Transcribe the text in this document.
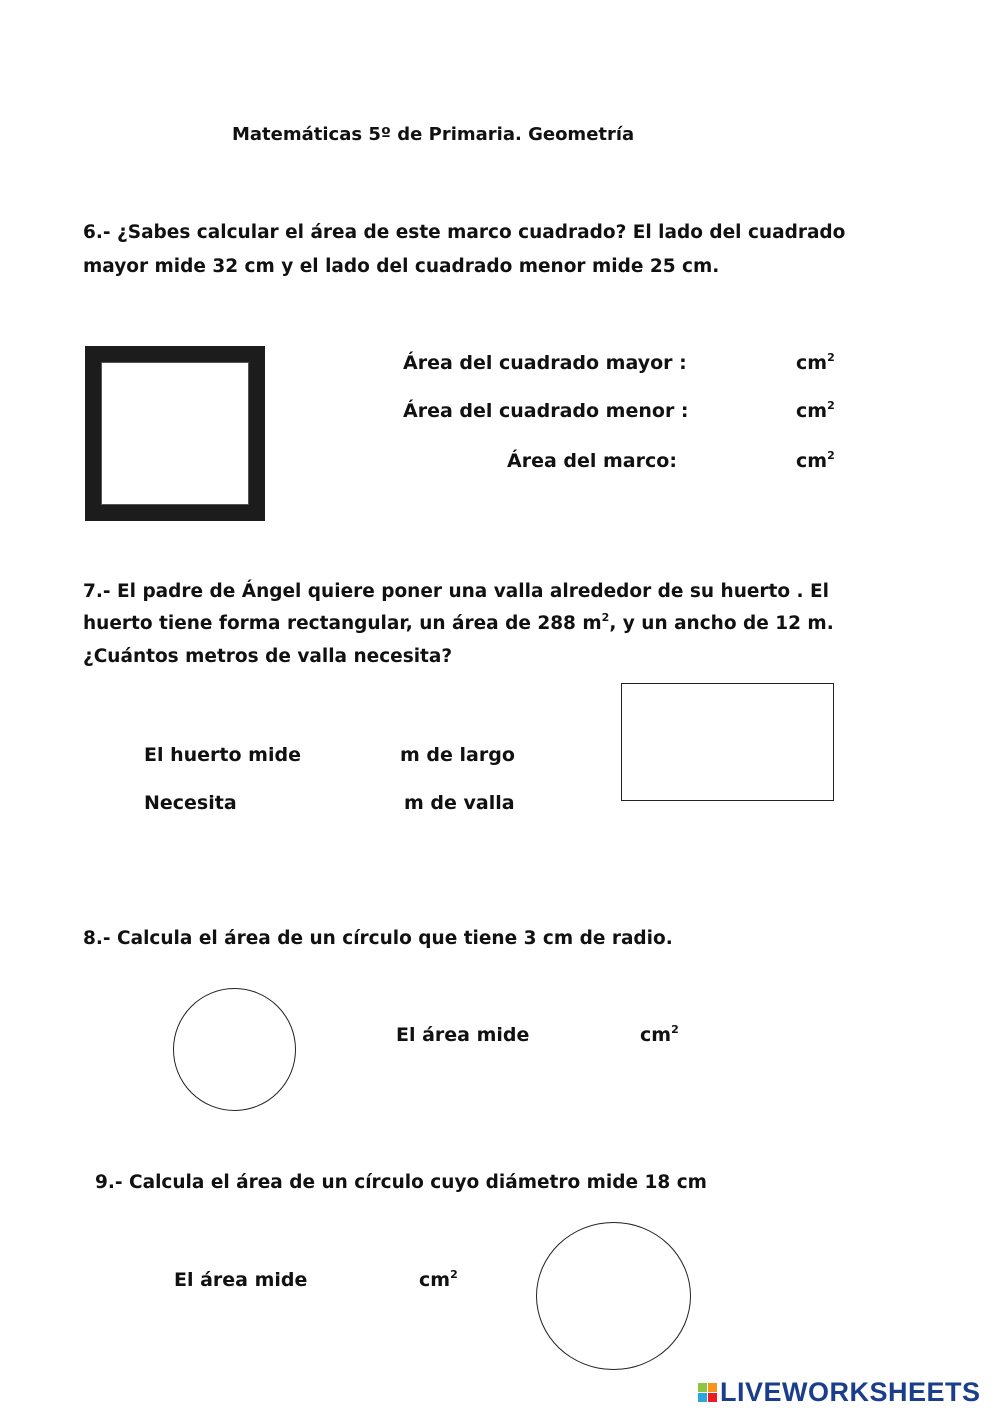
Matemáticas 5º de Primaria. Geometría
6.- ¿Sabes calcular el área de este marco cuadrado? El lado del cuadrado
mayor mide 32 cm y el lado del cuadrado menor mide 25 cm.
Área del cuadrado mayor :	$cm^2$
Área del cuadrado menor :	$cm^2$
Área del marco:	$cm^2$
7.- El padre de Ángel quiere poner una valla alrededor de su huerto . El
huerto tiene forma rectangular, un área de 288 $m^2$, y un ancho de 12 m.
¿Cuántos metros de valla necesita?
El huerto mide	m de largo
Necesita	m de valla
8.- Calcula el área de un círculo que tiene 3 cm de radio.
El área mide	$cm^2$
9.- Calcula el área de un círculo cuyo diámetro mide 18 cm
El área mide	$cm^2$
LIVEWORKSHEETS
